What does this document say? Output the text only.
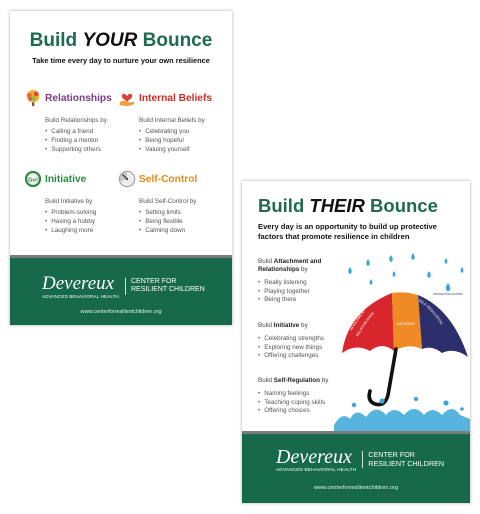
Build YOUR Bounce
Take time every day to nurture your own resilience
Relationships
Build Relationships by
• Calling a friend
• Finding a mentor
• Supporting others
Internal Beliefs
Build Internal Beliefs by
• Celebrating you
• Being hopeful
• Valuing yourself
Go! Initiative
Build Initiative by
• Problem-solving
• Having a hobby
• Laughing more
Self-Control
Build Self-Control by
• Setting limits
• Being flexible
• Calming down
Devereux
ADVANCED BEHAVIORAL HEALTH
CENTER FOR
RESILIENT CHILDREN
www.centerforresilientchildren.org
Build THEIR Bounce
Every day is an opportunity to build up protective factors that promote resilience in children
Build Attachment and Relationships by
• Really listening
• Playing together
• Being there
Build Initiative by
• Celebrating strengths
• Exploring new things
• Offering challenges
Build Self-Regulation by
• Naming feelings
• Teaching coping skills
• Offering choices
PROTECTIVE FACTORS
ATTACHMENT
RELATIONSHIPS
INITIATIVE
SELF-REGULATION
Devereux
ADVANCED BEHAVIORAL HEALTH
CENTER FOR
RESILIENT CHILDREN
www.centerforresilientchildren.org
